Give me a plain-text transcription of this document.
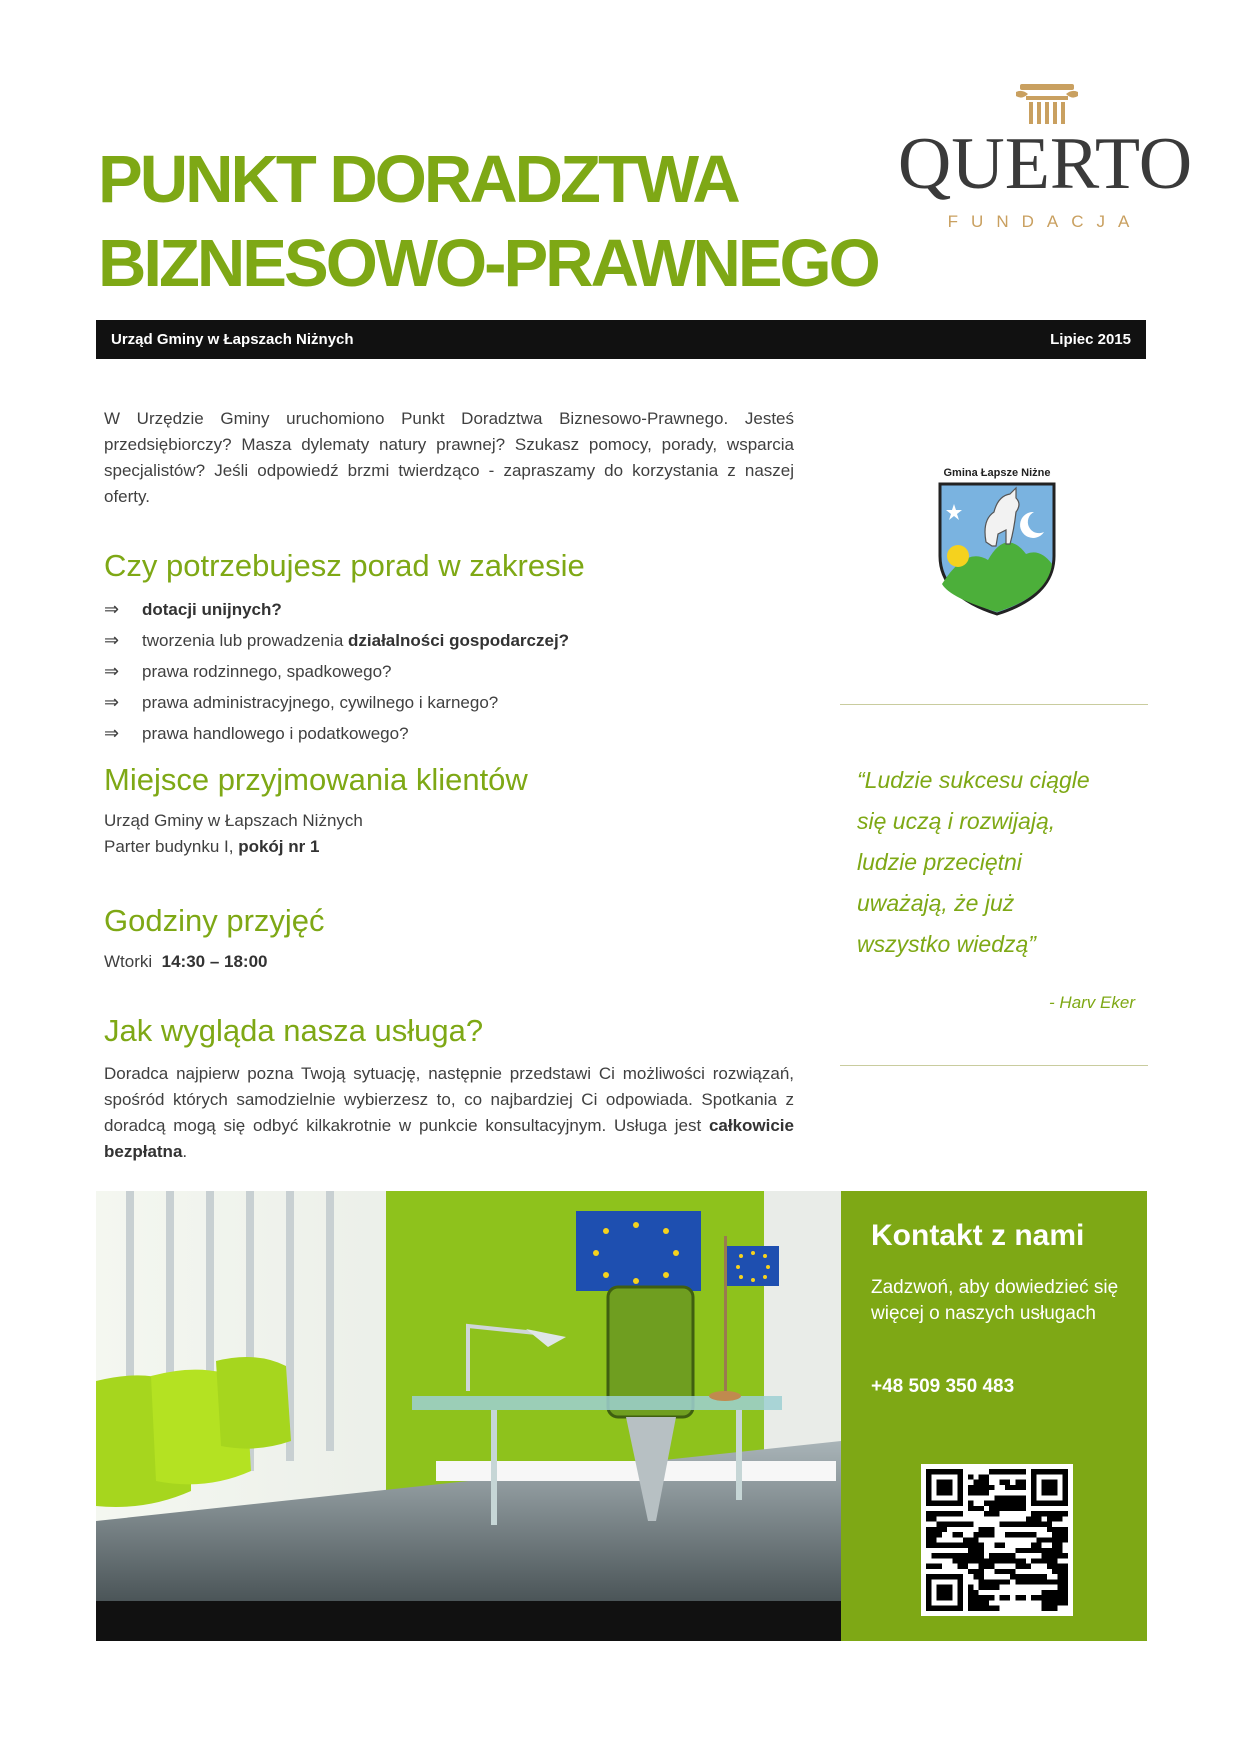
PUNKT DORADZTWA
BIZNESOWO-PRAWNEGO
QUERTO
FUNDACJA
Urząd Gminy w Łapszach Niżnych	Lipiec 2015

W Urzędzie Gminy uruchomiono Punkt Doradztwa Biznesowo-Prawnego. Jesteś przedsiębiorczy? Masza dylematy natury prawnej? Szukasz pomocy, porady, wsparcia specjalistów? Jeśli odpowiedź brzmi twierdząco - zapraszamy do korzystania z naszej oferty.

Czy potrzebujesz porad w zakresie
⇒	dotacji unijnych?
⇒	tworzenia lub prowadzenia działalności gospodarczej?
⇒	prawa rodzinnego, spadkowego?
⇒	prawa administracyjnego, cywilnego i karnego?
⇒	prawa handlowego i podatkowego?
Miejsce przyjmowania klientów

Urząd Gminy w Łapszach Niżnych

Parter budynku I, pokój nr 1

Godziny przyjęć

Wtorki 14:30 – 18:00

Jak wygląda nasza usługa?

Doradca najpierw pozna Twoją sytuację, następnie przedstawi Ci możliwości rozwiązań, spośród których samodzielnie wybierzesz to, co najbardziej Ci odpowiada. Spotkania z doradcą mogą się odbyć kilkakrotnie w punkcie konsultacyjnym. Usługa jest całkowicie bezpłatna.

Gmina Łapsze Niżne
“Ludzie sukcesu ciągle
się uczą i rozwijają,
ludzie przeciętni
uważają, że już
wszystko wiedzą”
- Harv Eker
Kontakt z nami
Zadzwoń, aby dowiedzieć się więcej o naszych usługach
+48 509 350 483
